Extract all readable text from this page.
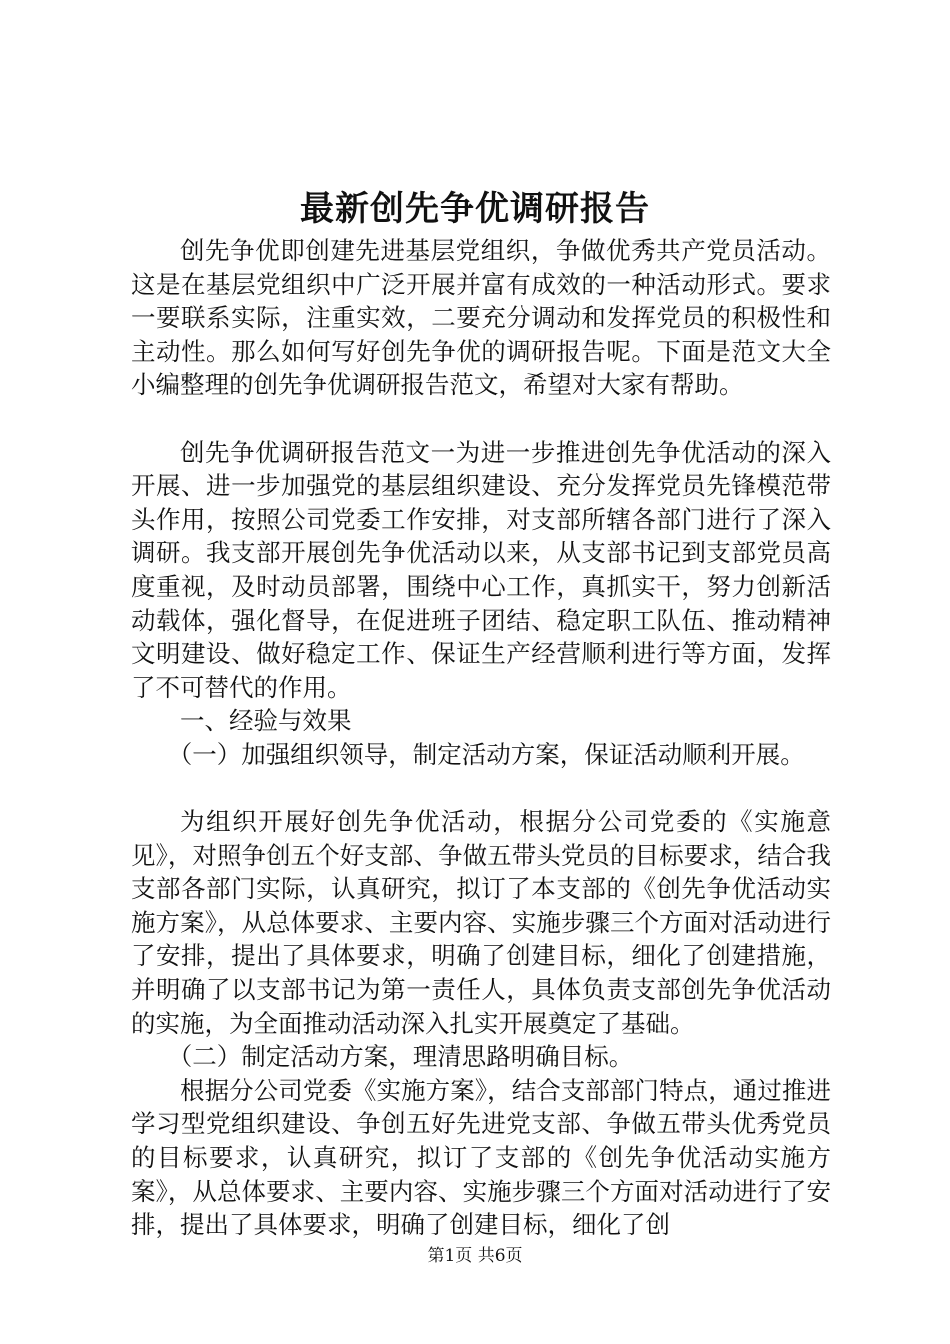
最新创先争优调研报告

创先争优即创建先进基层党组织，争做优秀共产党员活动。这是在基层党组织中广泛开展并富有成效的一种活动形式。要求一要联系实际，注重实效，二要充分调动和发挥党员的积极性和主动性。那么如何写好创先争优的调研报告呢。下面是范文大全小编整理的创先争优调研报告范文，希望对大家有帮助。

创先争优调研报告范文一为进一步推进创先争优活动的深入开展、进一步加强党的基层组织建设、充分发挥党员先锋模范带头作用，按照公司党委工作安排，对支部所辖各部门进行了深入调研。我支部开展创先争优活动以来，从支部书记到支部党员高度重视，及时动员部署，围绕中心工作，真抓实干，努力创新活动载体，强化督导，在促进班子团结、稳定职工队伍、推动精神文明建设、做好稳定工作、保证生产经营顺利进行等方面，发挥了不可替代的作用。

一、经验与效果

（一）加强组织领导，制定活动方案，保证活动顺利开展。

为组织开展好创先争优活动，根据分公司党委的《实施意见》，对照争创五个好支部、争做五带头党员的目标要求，结合我支部各部门实际，认真研究，拟订了本支部的《创先争优活动实施方案》，从总体要求、主要内容、实施步骤三个方面对活动进行了安排，提出了具体要求，明确了创建目标，细化了创建措施，并明确了以支部书记为第一责任人，具体负责支部创先争优活动的实施，为全面推动活动深入扎实开展奠定了基础。

（二）制定活动方案，理清思路明确目标。

根据分公司党委《实施方案》，结合支部部门特点，通过推进学习型党组织建设、争创五好先进党支部、争做五带头优秀党员的目标要求，认真研究，拟订了支部的《创先争优活动实施方案》，从总体要求、主要内容、实施步骤三个方面对活动进行了安排，提出了具体要求，明确了创建目标，细化了创

第1页 共6页
